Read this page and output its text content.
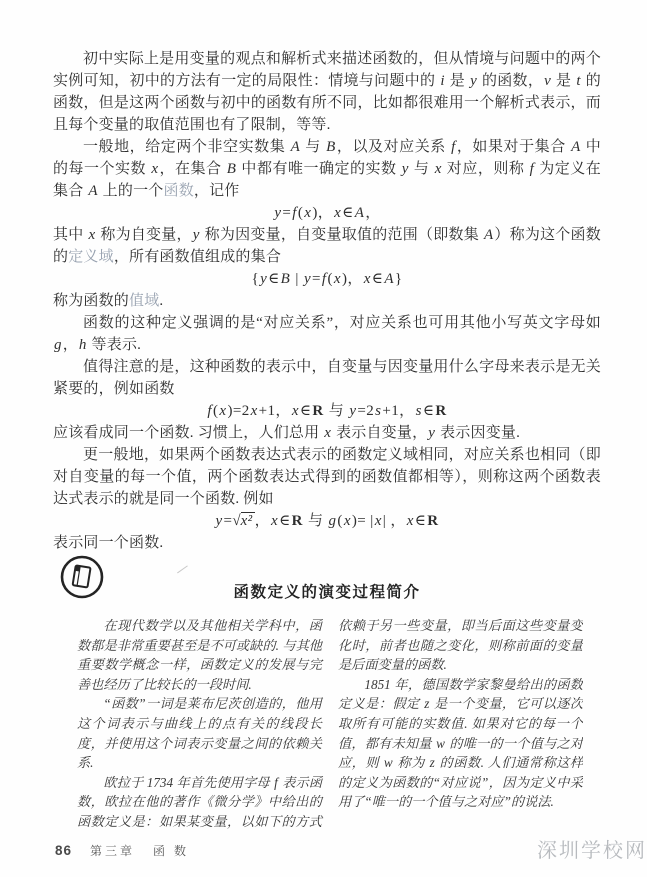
初中实际上是用变量的观点和解析式来描述函数的，但从情境与问题中的两个实例可知，初中的方法有一定的局限性：情境与问题中的 i 是 y 的函数，v 是 t 的函数，但是这两个函数与初中的函数有所不同，比如都很难用一个解析式表示，而且每个变量的取值范围也有了限制，等等.
一般地，给定两个非空实数集 A 与 B，以及对应关系 f，如果对于集合 A 中的每一个实数 x，在集合 B 中都有唯一确定的实数 y 与 x 对应，则称 f 为定义在集合 A 上的一个函数，记作
y=f(x)，x∈A，
其中 x 称为自变量，y 称为因变量，自变量取值的范围（即数集 A）称为这个函数的定义域，所有函数值组成的集合
{y∈B | y=f(x)，x∈A}
称为函数的值域.
函数的这种定义强调的是“对应关系”，对应关系也可用其他小写英文字母如 g，h 等表示.
值得注意的是，这种函数的表示中，自变量与因变量用什么字母来表示是无关紧要的，例如函数
f(x)=2x+1，x∈R 与 y=2s+1，s∈R
应该看成同一个函数. 习惯上，人们总用 x 表示自变量，y 表示因变量.
更一般地，如果两个函数表达式表示的函数定义域相同，对应关系也相同（即对自变量的每一个值，两个函数表达式得到的函数值都相等），则称这两个函数表达式表示的就是同一个函数. 例如
y=√x² ，x∈R 与 g(x)= |x| ，x∈R
表示同一个函数.
函数定义的演变过程简介
在现代数学以及其他相关学科中，函数都是非常重要甚至是不可或缺的. 与其他重要数学概念一样，函数定义的发展与完善也经历了比较长的一段时间.
“函数”一词是莱布尼茨创造的，他用这个词表示与曲线上的点有关的线段长度，并使用这个词表示变量之间的依赖关系.
欧拉于 1734 年首先使用字母 f 表示函数，欧拉在他的著作《微分学》中给出的函数定义是：如果某变量，以如下的方式依赖于另一些变量，即当后面这些变量变化时，前者也随之变化，则称前面的变量是后面变量的函数.
1851 年，德国数学家黎曼给出的函数定义是：假定 z 是一个变量，它可以逐次取所有可能的实数值. 如果对它的每一个值，都有未知量 w 的唯一的一个值与之对应，则 w 称为 z 的函数. 人们通常称这样的定义为函数的“对应说”，因为定义中采用了“唯一的一个值与之对应”的说法.
86 第三章 函 数	深圳学校网
